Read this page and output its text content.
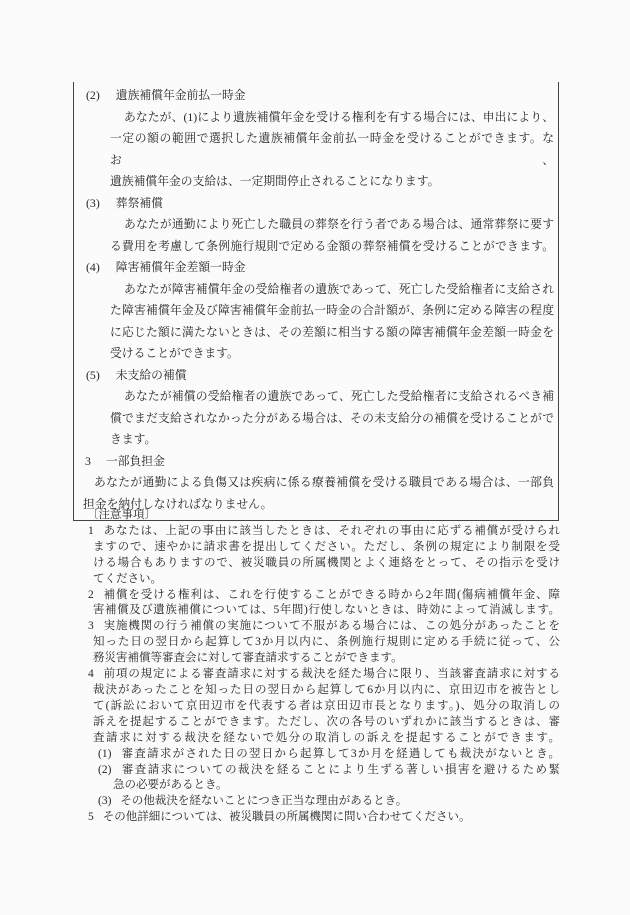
(2) 遺族補償年金前払一時金
あなたが、(1)により遺族補償年金を受ける権利を有する場合には、申出により、
一定の額の範囲で選択した遺族補償年金前払一時金を受けることができます。なお、
遺族補償年金の支給は、一定期間停止されることになります。
(3) 葬祭補償
あなたが通勤により死亡した職員の葬祭を行う者である場合は、通常葬祭に要す
る費用を考慮して条例施行規則で定める金額の葬祭補償を受けることができます。
(4) 障害補償年金差額一時金
あなたが障害補償年金の受給権者の遺族であって、死亡した受給権者に支給され
た障害補償年金及び障害補償年金前払一時金の合計額が、条例に定める障害の程度
に応じた額に満たないときは、その差額に相当する額の障害補償年金差額一時金を
受けることができます。
(5) 未支給の補償
あなたが補償の受給権者の遺族であって、死亡した受給権者に支給されるべき補
償でまだ支給されなかった分がある場合は、その未支給分の補償を受けることがで
きます。
3 一部負担金
あなたが通勤による負傷又は疾病に係る療養補償を受ける職員である場合は、一部負
担金を納付しなければなりません。
〔注意事項〕
1 あなたは、上記の事由に該当したときは、それぞれの事由に応ずる補償が受けられ
ますので、速やかに請求書を提出してください。ただし、条例の規定により制限を受
ける場合もありますので、被災職員の所属機関とよく連絡をとって、その指示を受け
てください。
2 補償を受ける権利は、これを行使することができる時から2年間(傷病補償年金、障
害補償及び遺族補償については、5年間)行使しないときは、時効によって消滅します。
3 実施機関の行う補償の実施について不服がある場合には、この処分があったことを
知った日の翌日から起算して3か月以内に、条例施行規則に定める手続に従って、公
務災害補償等審査会に対して審査請求することができます。
4 前項の規定による審査請求に対する裁決を経た場合に限り、当該審査請求に対する
裁決があったことを知った日の翌日から起算して6か月以内に、京田辺市を被告とし
て(訴訟において京田辺市を代表する者は京田辺市長となります。)、処分の取消しの
訴えを提起することができます。ただし、次の各号のいずれかに該当するときは、審
査請求に対する裁決を経ないで処分の取消しの訴えを提起することができます。
(1) 審査請求がされた日の翌日から起算して3か月を経過しても裁決がないとき。
(2) 審査請求についての裁決を経ることにより生ずる著しい損害を避けるため緊
急の必要があるとき。
(3) その他裁決を経ないことにつき正当な理由があるとき。
5 その他詳細については、被災職員の所属機関に問い合わせてください。
